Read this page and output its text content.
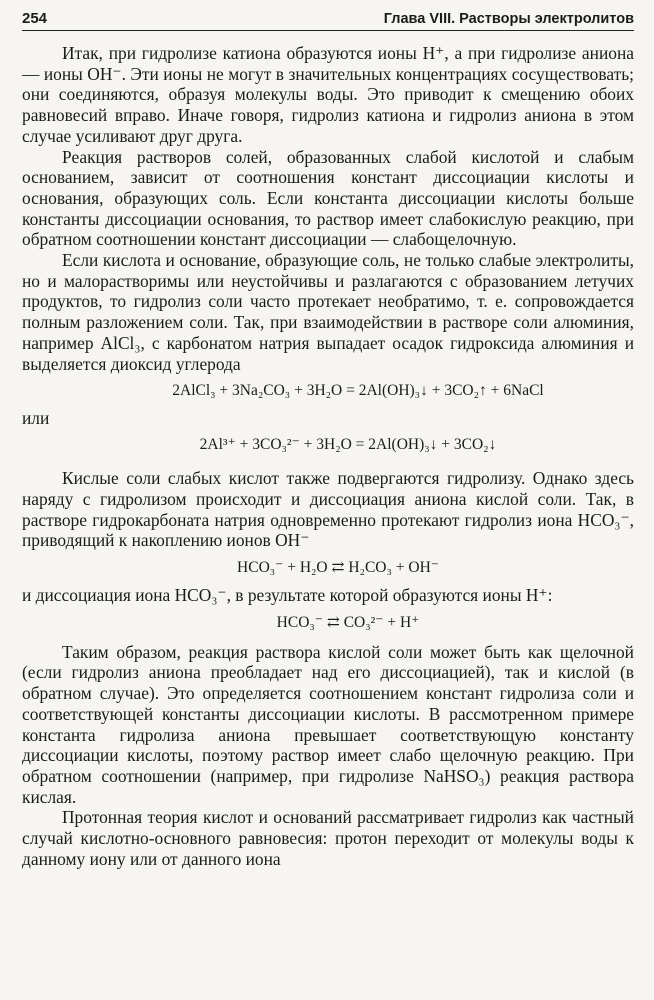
254	Глава VIII. Растворы электролитов

Итак, при гидролизе катиона образуются ионы H⁺, а при гидролизе аниона — ионы OH⁻. Эти ионы не могут в значительных концентрациях сосуществовать; они соединяются, образуя молекулы воды. Это приводит к смещению обоих равновесий вправо. Иначе говоря, гидролиз катиона и гидролиз аниона в этом случае усиливают друг друга.

Реакция растворов солей, образованных слабой кислотой и слабым основанием, зависит от соотношения констант диссоциации кислоты и основания, образующих соль. Если константа диссоциации кислоты больше константы диссоциации основания, то раствор имеет слабокислую реакцию, при обратном соотношении констант диссоциации — слабощелочную.

Если кислота и основание, образующие соль, не только слабые электролиты, но и малорастворимы или неустойчивы и разлагаются с образованием летучих продуктов, то гидролиз соли часто протекает необратимо, т. е. сопровождается полным разложением соли. Так, при взаимодействии в растворе соли алюминия, например AlCl₃, с карбонатом натрия выпадает осадок гидроксида алюминия и выделяется диоксид углерода

2AlCl₃ + 3Na₂CO₃ + 3H₂O = 2Al(OH)₃↓ + 3CO₂↑ + 6NaCl

или

2Al³⁺ + 3CO₃²⁻ + 3H₂O = 2Al(OH)₃↓ + 3CO₂↓

Кислые соли слабых кислот также подвергаются гидролизу. Однако здесь наряду с гидролизом происходит и диссоциация аниона кислой соли. Так, в растворе гидрокарбоната натрия одновременно протекают гидролиз иона HCO₃⁻, приводящий к накоплению ионов OH⁻

HCO₃⁻ + H₂O ⇄ H₂CO₃ + OH⁻

и диссоциация иона HCO₃⁻, в результате которой образуются ионы H⁺:

HCO₃⁻ ⇄ CO₃²⁻ + H⁺

Таким образом, реакция раствора кислой соли может быть как щелочной (если гидролиз аниона преобладает над его диссоциацией), так и кислой (в обратном случае). Это определяется соотношением констант гидролиза соли и соответствующей константы диссоциации кислоты. В рассмотренном примере константа гидролиза аниона превышает соответствующую константу диссоциации кислоты, поэтому раствор имеет слабо щелочную реакцию. При обратном соотношении (например, при гидролизе NaHSO₃) реакция раствора кислая.

Протонная теория кислот и оснований рассматривает гидролиз как частный случай кислотно-основного равновесия: протон переходит от молекулы воды к данному иону или от данного иона
